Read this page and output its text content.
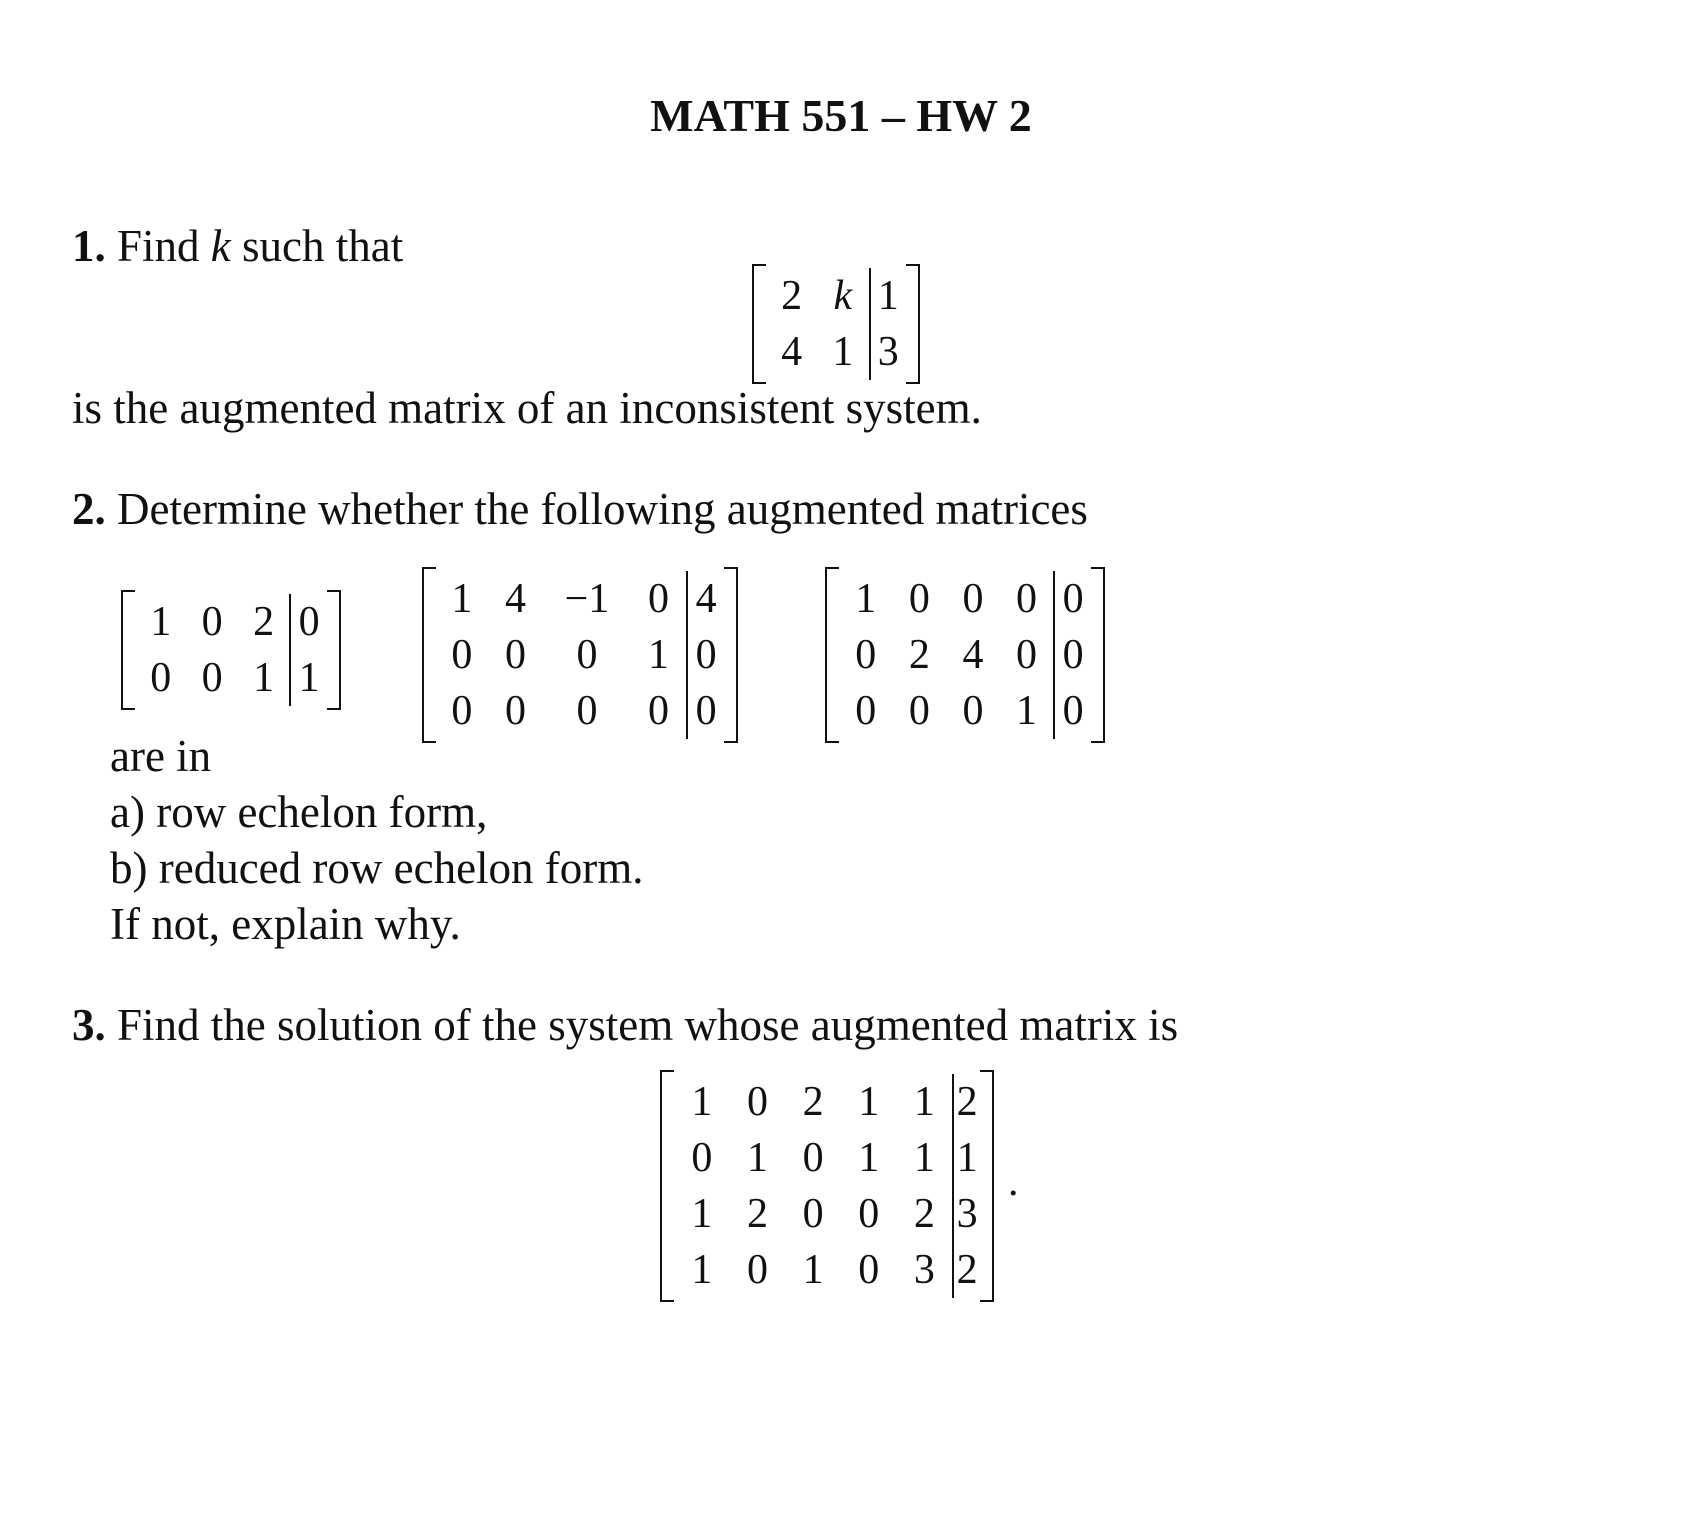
MATH 551 – HW 2
1. Find k such that
2 k 1
4 1 3
is the augmented matrix of an inconsistent system.
2. Determine whether the following augmented matrices
1 0 2 0
0 0 1 1
1 4 −1 0 4
0 0	0	1 0
0 0	0	0 0
1 0 0 0 0
0 2 4 0 0
0 0 0 1 0
are in
a) row echelon form,
b) reduced row echelon form.
If not, explain why.
3. Find the solution of the system whose augmented matrix is
1 0 2 1 1 2
0 1 0 1 1 1
1 2 0 0 2 3
1 0 1 0 3 2
.
